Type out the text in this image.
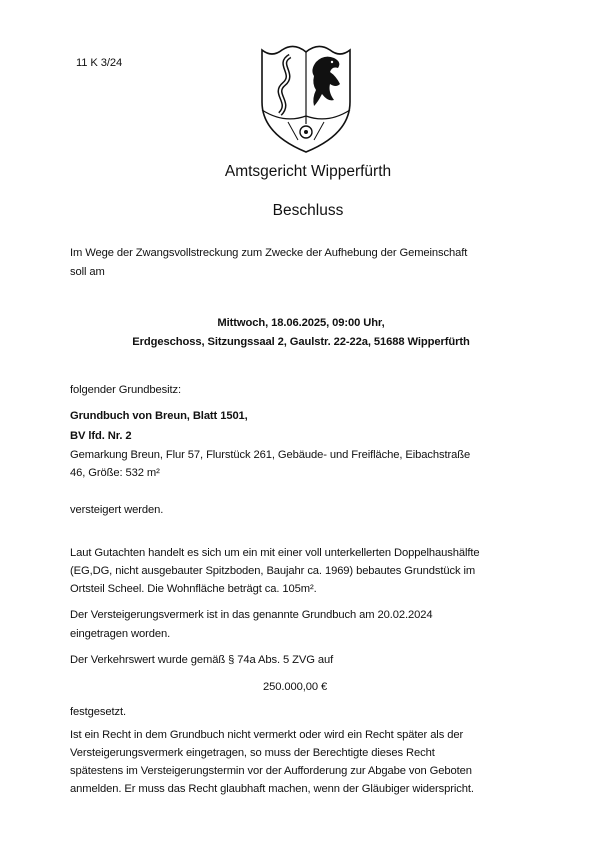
11 K 3/24
Amtsgericht Wipperfürth
Beschluss
Im Wege der Zwangsvollstreckung zum Zwecke der Aufhebung der Gemeinschaft
soll am
Mittwoch, 18.06.2025, 09:00 Uhr,
Erdgeschoss, Sitzungssaal 2, Gaulstr. 22-22a, 51688 Wipperfürth
folgender Grundbesitz:
Grundbuch von Breun, Blatt 1501,
BV lfd. Nr. 2
Gemarkung Breun, Flur 57, Flurstück 261, Gebäude- und Freifläche, Eibachstraße
46, Größe: 532 m²
versteigert werden.
Laut Gutachten handelt es sich um ein mit einer voll unterkellerten Doppelhaushälfte
(EG,DG, nicht ausgebauter Spitzboden, Baujahr ca. 1969) bebautes Grundstück im
Ortsteil Scheel. Die Wohnfläche beträgt ca. 105m².
Der Versteigerungsvermerk ist in das genannte Grundbuch am 20.02.2024
eingetragen worden.
Der Verkehrswert wurde gemäß § 74a Abs. 5 ZVG auf
250.000,00 €
festgesetzt.
Ist ein Recht in dem Grundbuch nicht vermerkt oder wird ein Recht später als der
Versteigerungsvermerk eingetragen, so muss der Berechtigte dieses Recht
spätestens im Versteigerungstermin vor der Aufforderung zur Abgabe von Geboten
anmelden. Er muss das Recht glaubhaft machen, wenn der Gläubiger widerspricht.
